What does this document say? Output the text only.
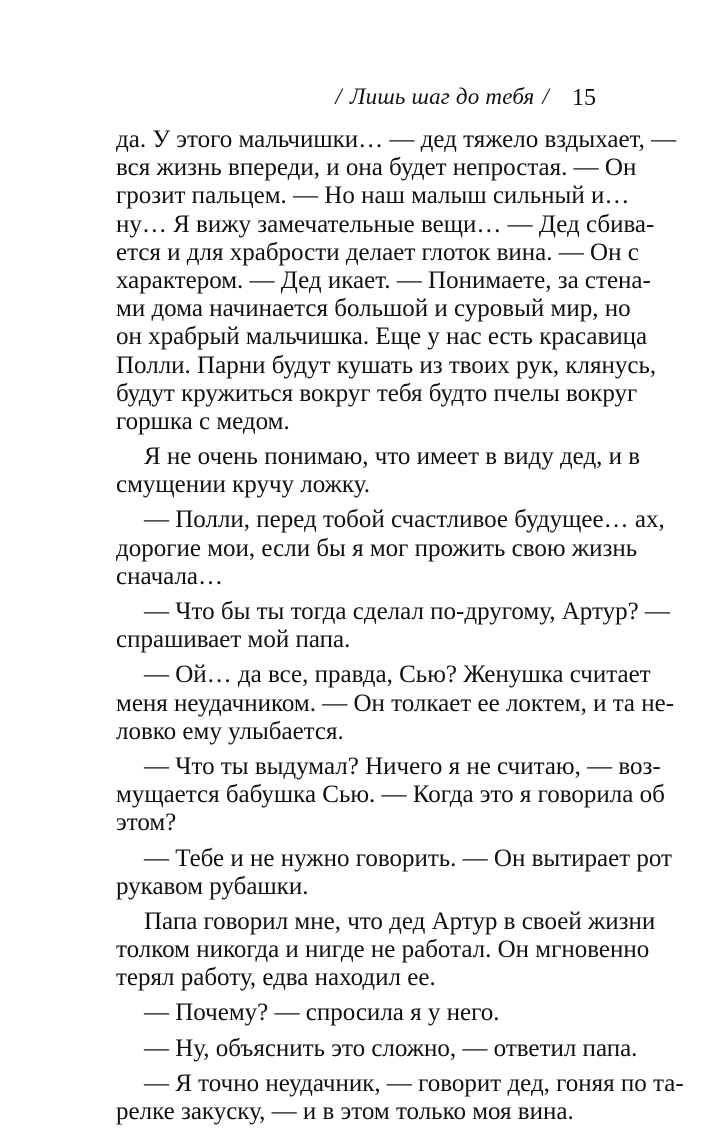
/ Лишь шаг до тебя / 15
да. У этого мальчишки… — дед тяжело вздыхает, —
вся жизнь впереди, и она будет непростая. — Он
грозит пальцем. — Но наш малыш сильный и…
ну… Я вижу замечательные вещи… — Дед сбива-
ется и для храбрости делает глоток вина. — Он с
характером. — Дед икает. — Понимаете, за стена-
ми дома начинается большой и суровый мир, но
он храбрый мальчишка. Еще у нас есть красавица
Полли. Парни будут кушать из твоих рук, клянусь,
будут кружиться вокруг тебя будто пчелы вокруг
горшка с медом.
Я не очень понимаю, что имеет в виду дед, и в
смущении кручу ложку.
— Полли, перед тобой счастливое будущее… ах,
дорогие мои, если бы я мог прожить свою жизнь
сначала…
— Что бы ты тогда сделал по-другому, Артур? —
спрашивает мой папа.
— Ой… да все, правда, Сью? Женушка считает
меня неудачником. — Он толкает ее локтем, и та не-
ловко ему улыбается.
— Что ты выдумал? Ничего я не считаю, — воз-
мущается бабушка Сью. — Когда это я говорила об
этом?
— Тебе и не нужно говорить. — Он вытирает рот
рукавом рубашки.
Папа говорил мне, что дед Артур в своей жизни
толком никогда и нигде не работал. Он мгновенно
терял работу, едва находил ее.
— Почему? — спросила я у него.
— Ну, объяснить это сложно, — ответил папа.
— Я точно неудачник, — говорит дед, гоняя по та-
релке закуску, — и в этом только моя вина.
